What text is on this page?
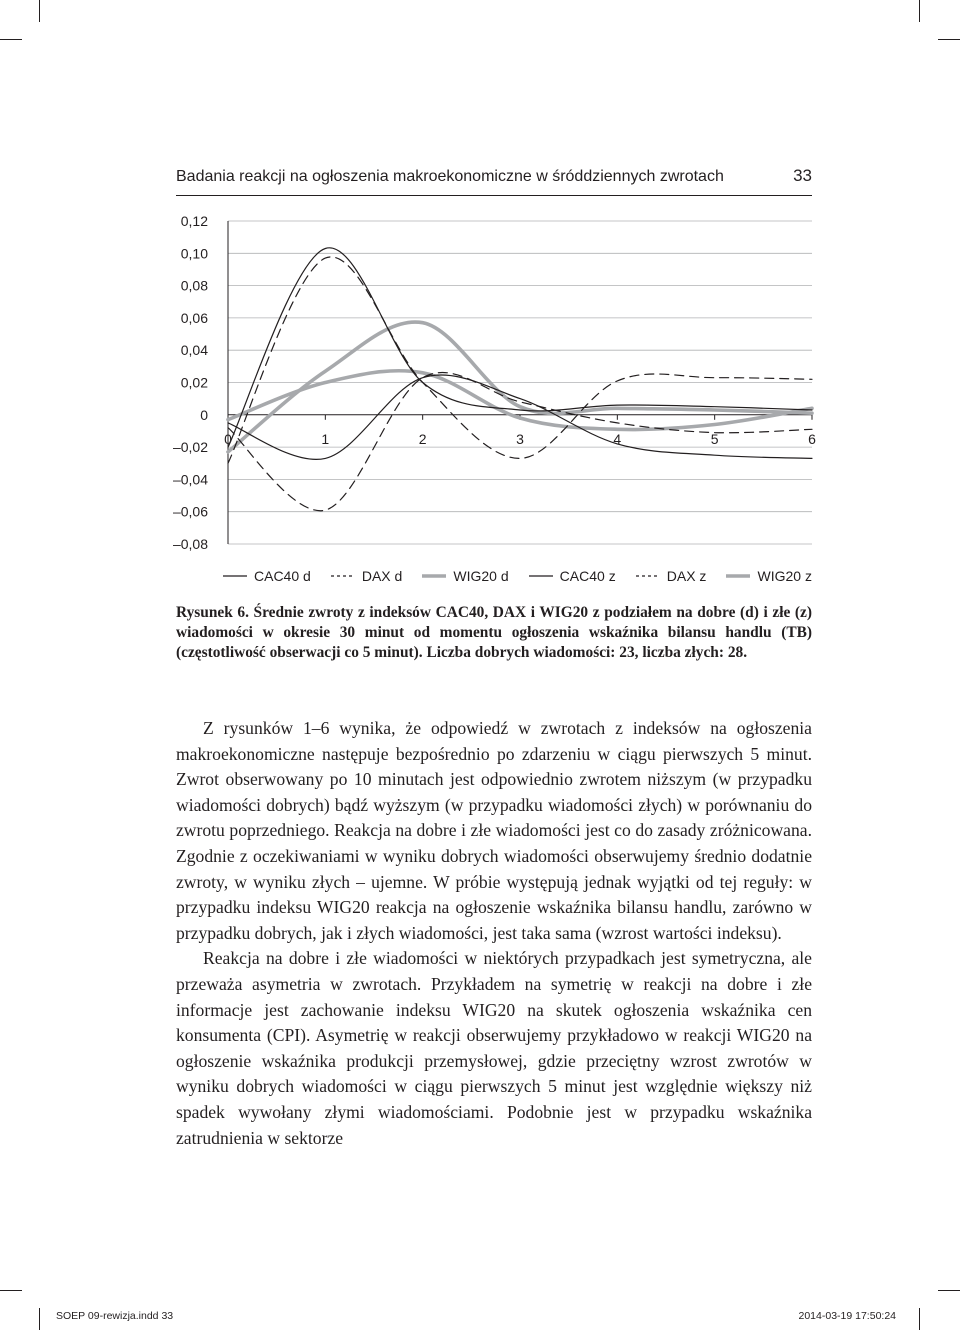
Badania reakcji na ogłoszenia makroekonomiczne w śróddziennych zwrotach	33
0,12
0,10
0,08
0,06
0,04
0,02
0
–0,02
–0,04
–0,06
–0,08
0	1	2	3	4	5	6
CAC40 d	DAX d	WIG20 d	CAC40 z	DAX z	WIG20 z

Rysunek 6. Średnie zwroty z indeksów CAC40, DAX i WIG20 z podziałem na dobre (d) i złe (z) wiadomości w okresie 30 minut od momentu ogłoszenia wskaźnika bilansu handlu (TB) (częstotliwość obserwacji co 5 minut). Liczba dobrych wiadomości: 23, liczba złych: 28.

Z rysunków 1–6 wynika, że odpowiedź w zwrotach z indeksów na ogłoszenia makroekonomiczne następuje bezpośrednio po zdarzeniu w ciągu pierwszych 5 minut. Zwrot obserwowany po 10 minutach jest odpowiednio zwrotem niższym (w przypadku wiadomości dobrych) bądź wyższym (w przypadku wiadomości złych) w porównaniu do zwrotu poprzedniego. Reakcja na dobre i złe wiadomości jest co do zasady zróżnicowana. Zgodnie z oczekiwaniami w wyniku dobrych wiadomości obserwujemy średnio dodatnie zwroty, w wyniku złych – ujemne. W próbie występują jednak wyjątki od tej reguły: w przypadku indeksu WIG20 reakcja na ogłoszenie wskaźnika bilansu handlu, zarówno w przypadku dobrych, jak i złych wiadomości, jest taka sama (wzrost wartości indeksu).

Reakcja na dobre i złe wiadomości w niektórych przypadkach jest symetryczna, ale przeważa asymetria w zwrotach. Przykładem na symetrię w reakcji na dobre i złe informacje jest zachowanie indeksu WIG20 na skutek ogłoszenia wskaźnika cen konsumenta (CPI). Asymetrię w reakcji obserwujemy przykładowo w reakcji WIG20 na ogłoszenie wskaźnika produkcji przemysłowej, gdzie przeciętny wzrost zwrotów w wyniku dobrych wiadomości w ciągu pierwszych 5 minut jest względnie większy niż spadek wywołany złymi wiadomościami. Podobnie jest w przypadku wskaźnika zatrudnienia w sektorze

SOEP 09-rewizja.indd 33	2014-03-19 17:50:24
